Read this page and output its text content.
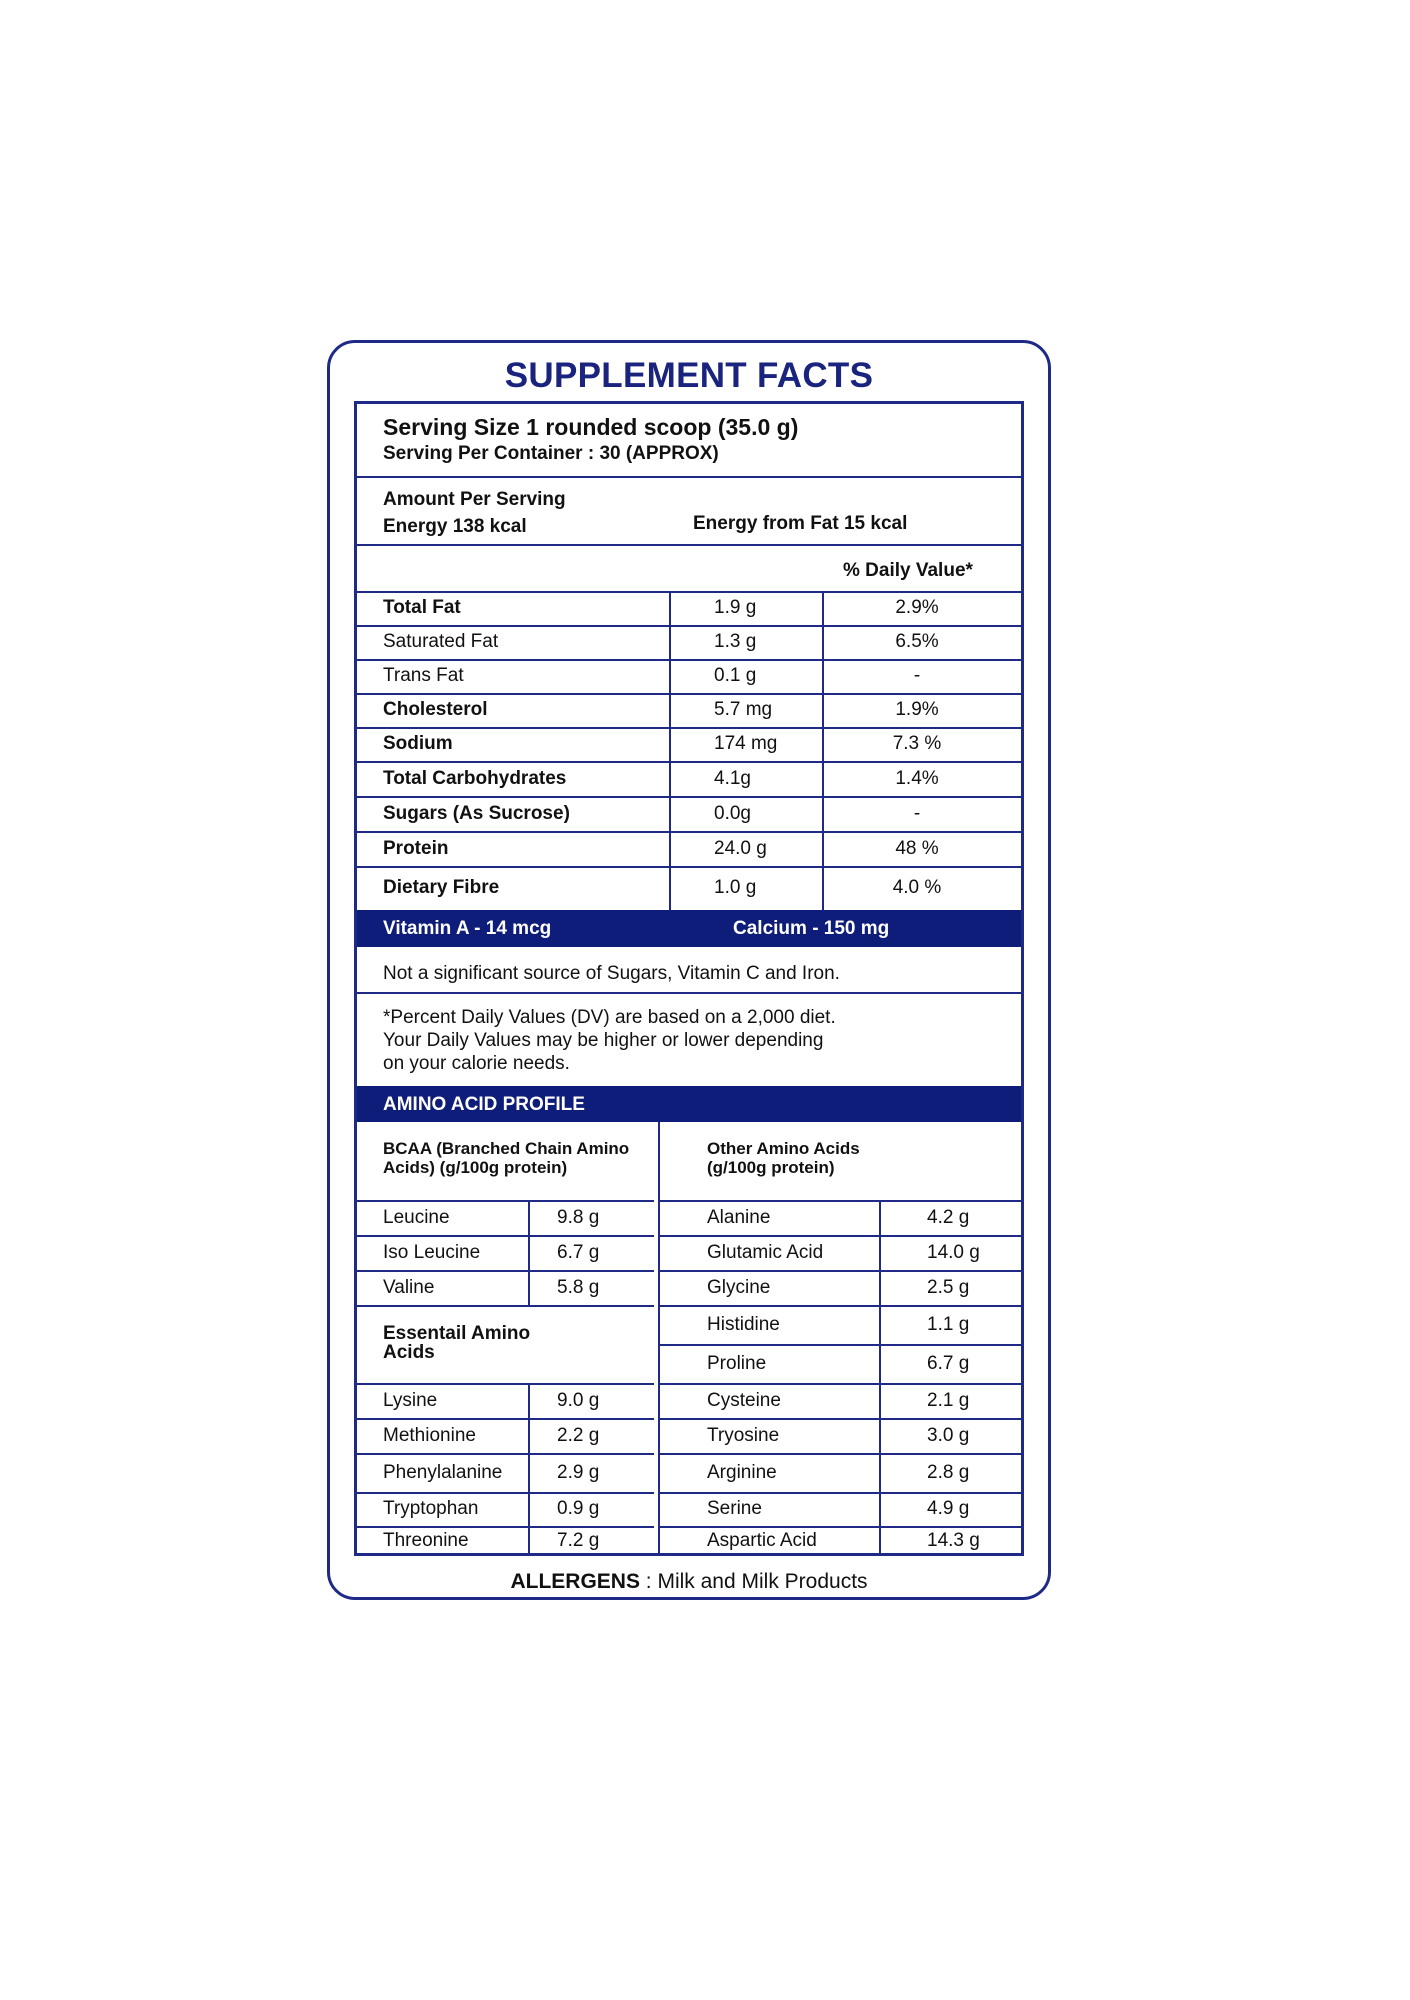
SUPPLEMENT FACTS
ALLERGENS : Milk and Milk Products
Serving Size 1 rounded scoop (35.0 g)
Serving Per Container : 30 (APPROX)
Amount Per Serving
Energy 138 kcal	Energy from Fat 15 kcal
% Daily Value*
Total Fat	1.9 g	2.9%
Saturated Fat	1.3 g	6.5%
Trans Fat	0.1 g	-
Cholesterol	5.7 mg	1.9%
Sodium	174 mg	7.3 %
Total Carbohydrates	4.1g	1.4%
Sugars (As Sucrose)	0.0g	-
Protein	24.0 g	48 %
Dietary Fibre	1.0 g	4.0 %
Vitamin A - 14 mcg	Calcium - 150 mg
Not a significant source of Sugars, Vitamin C and Iron.
*Percent Daily Values (DV) are based on a 2,000 diet.
Your Daily Values may be higher or lower depending
on your calorie needs.
AMINO ACID PROFILE
BCAA (Branched Chain Amino
Acids) (g/100g protein)
Other Amino Acids
(g/100g protein)
Essentail Amino
Acids
Alanine	4.2 g
Glutamic Acid	14.0 g
Glycine	2.5 g
Histidine	1.1 g
Proline	6.7 g
Cysteine	2.1 g
Tryosine	3.0 g
Arginine	2.8 g
Serine	4.9 g
Aspartic Acid	14.3 g
Leucine	9.8 g
Iso Leucine	6.7 g
Valine	5.8 g
Lysine	9.0 g
Methionine	2.2 g
Phenylalanine	2.9 g
Tryptophan	0.9 g
Threonine	7.2 g
